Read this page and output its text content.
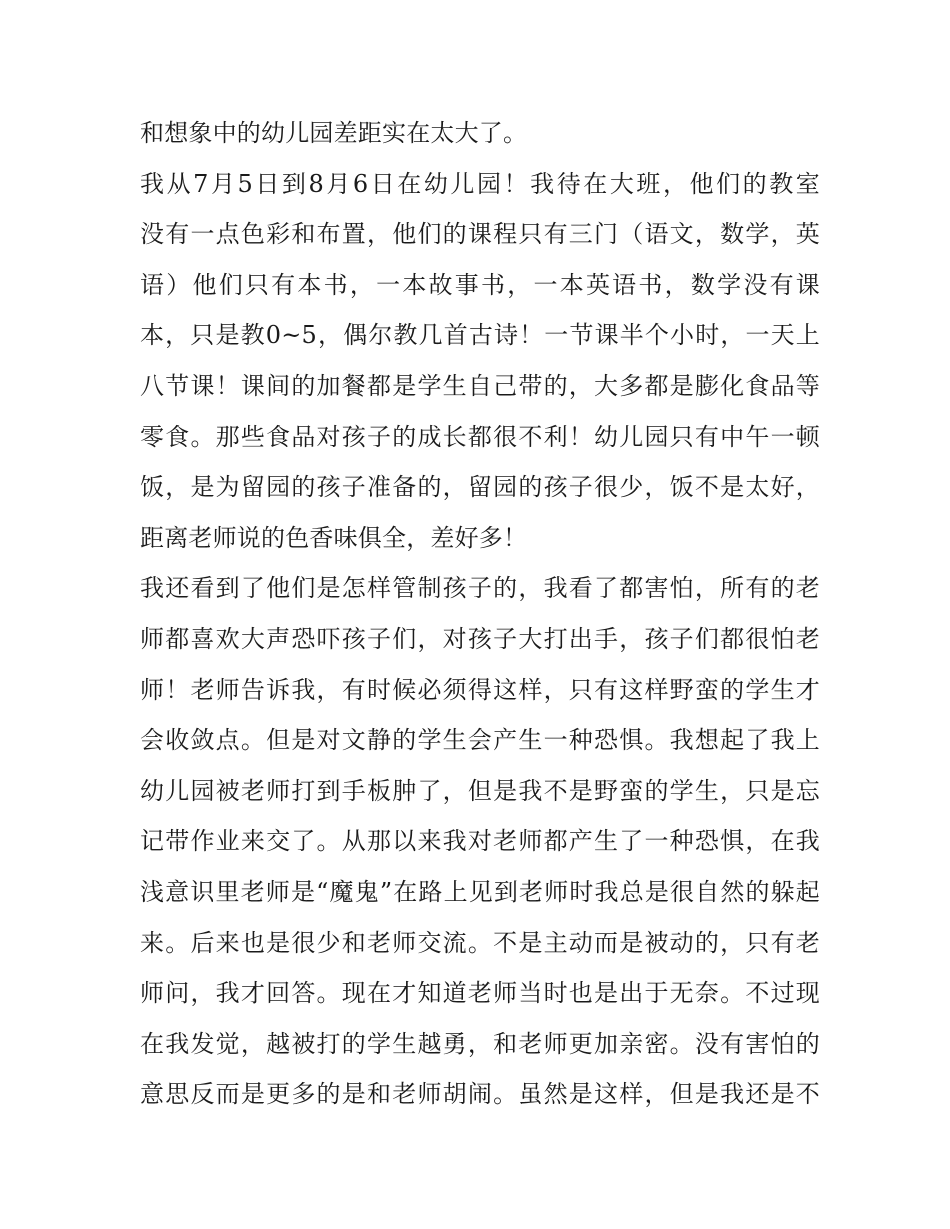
和想象中的幼儿园差距实在太大了。
我从7月5日到8月6日在幼儿园！我待在大班，他们的教室
没有一点色彩和布置，他们的课程只有三门（语文，数学，英
语）他们只有本书，一本故事书，一本英语书，数学没有课
本，只是教0~5，偶尔教几首古诗！一节课半个小时，一天上
八节课！课间的加餐都是学生自己带的，大多都是膨化食品等
零食。那些食品对孩子的成长都很不利！幼儿园只有中午一顿
饭，是为留园的孩子准备的，留园的孩子很少，饭不是太好，
距离老师说的色香味俱全，差好多！
我还看到了他们是怎样管制孩子的，我看了都害怕，所有的老
师都喜欢大声恐吓孩子们，对孩子大打出手，孩子们都很怕老
师！老师告诉我，有时候必须得这样，只有这样野蛮的学生才
会收敛点。但是对文静的学生会产生一种恐惧。我想起了我上
幼儿园被老师打到手板肿了，但是我不是野蛮的学生，只是忘
记带作业来交了。从那以来我对老师都产生了一种恐惧，在我
浅意识里老师是“魔鬼”在路上见到老师时我总是很自然的躲起
来。后来也是很少和老师交流。不是主动而是被动的，只有老
师问，我才回答。现在才知道老师当时也是出于无奈。不过现
在我发觉，越被打的学生越勇，和老师更加亲密。没有害怕的
意思反而是更多的是和老师胡闹。虽然是这样，但是我还是不
